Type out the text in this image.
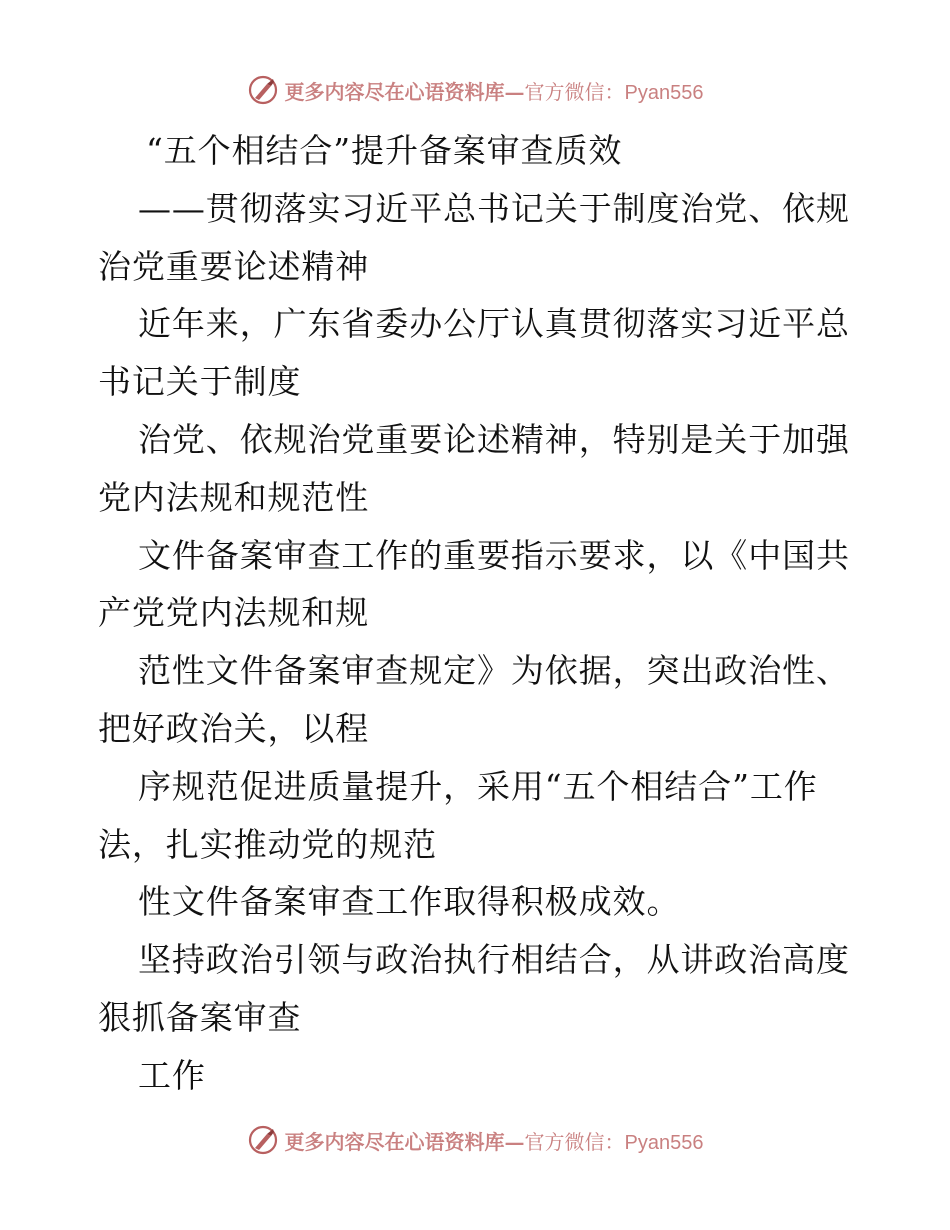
更多内容尽在心语资料库—官方微信：Pyan556
“五个相结合”提升备案审查质效
——贯彻落实习近平总书记关于制度治党、依规
治党重要论述精神
近年来，广东省委办公厅认真贯彻落实习近平总
书记关于制度
治党、依规治党重要论述精神，特别是关于加强
党内法规和规范性
文件备案审查工作的重要指示要求，以《中国共
产党党内法规和规
范性文件备案审查规定》为依据，突出政治性、
把好政治关，以程
序规范促进质量提升，采用“五个相结合”工作
法，扎实推动党的规范
性文件备案审查工作取得积极成效。
坚持政治引领与政治执行相结合，从讲政治高度
狠抓备案审查
工作
更多内容尽在心语资料库—官方微信：Pyan556
